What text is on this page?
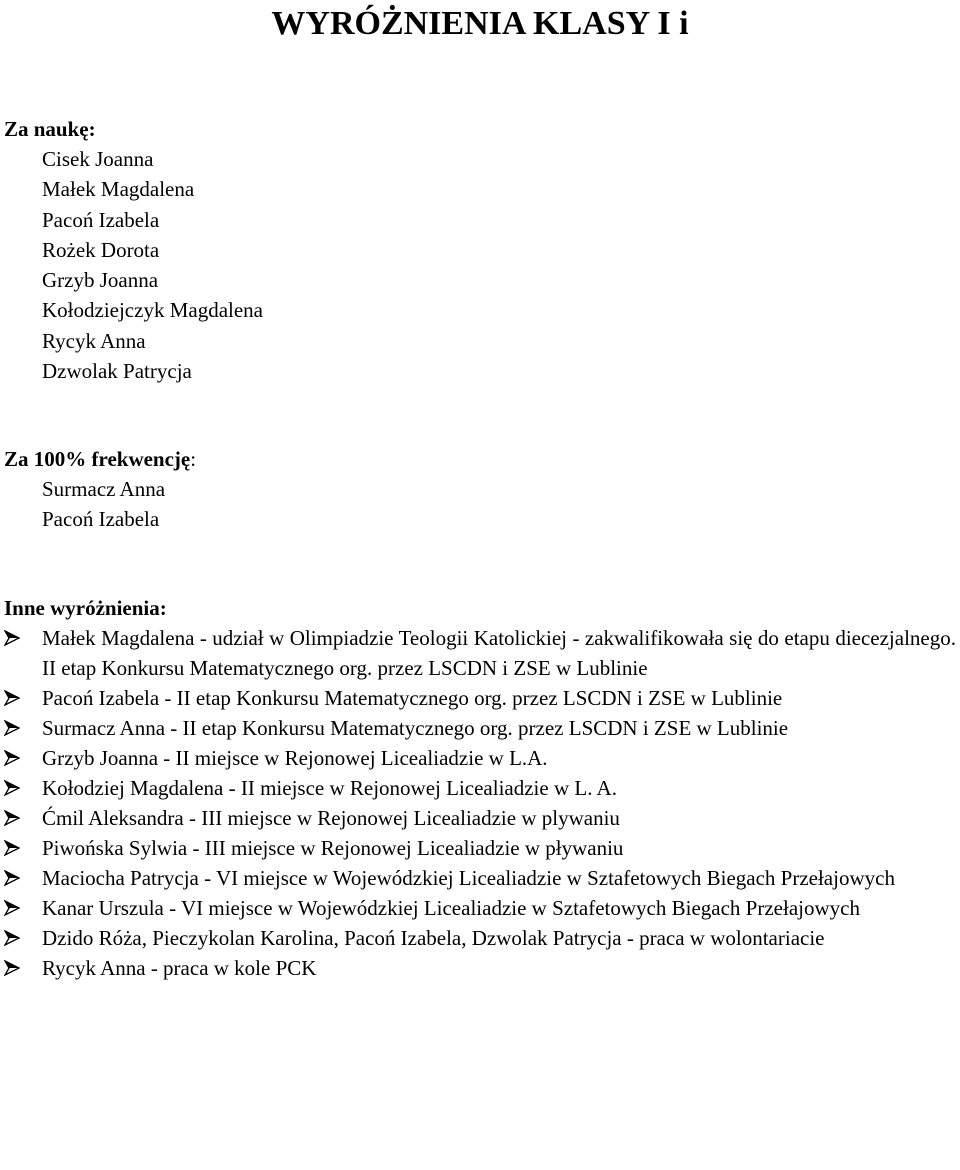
WYRÓŻNIENIA KLASY I i

Za naukę:

Cisek Joanna
Małek Magdalena
Pacoń Izabela
Rożek Dorota
Grzyb Joanna
Kołodziejczyk Magdalena
Rycyk Anna
Dzwolak Patrycja

Za 100% frekwencję:

Surmacz Anna
Pacoń Izabela

Inne wyróżnienia:

Małek Magdalena - udział w Olimpiadzie Teologii Katolickiej - zakwalifikowała się do etapu diecezjalnego. II etap Konkursu Matematycznego org. przez LSCDN i ZSE w Lublinie
Pacoń Izabela - II etap Konkursu Matematycznego org. przez LSCDN i ZSE w Lublinie
Surmacz Anna - II etap Konkursu Matematycznego org. przez LSCDN i ZSE w Lublinie
Grzyb Joanna - II miejsce w Rejonowej Licealiadzie w L.A.
Kołodziej Magdalena - II miejsce w Rejonowej Licealiadzie w L. A.
Ćmil Aleksandra - III miejsce w Rejonowej Licealiadzie w plywaniu
Piwońska Sylwia - III miejsce w Rejonowej Licealiadzie w pływaniu
Maciocha Patrycja - VI miejsce w Wojewódzkiej Licealiadzie w Sztafetowych Biegach Przełajowych
Kanar Urszula - VI miejsce w Wojewódzkiej Licealiadzie w Sztafetowych Biegach Przełajowych
Dzido Róża, Pieczykolan Karolina, Pacoń Izabela, Dzwolak Patrycja - praca w wolontariacie
Rycyk Anna - praca w kole PCK
